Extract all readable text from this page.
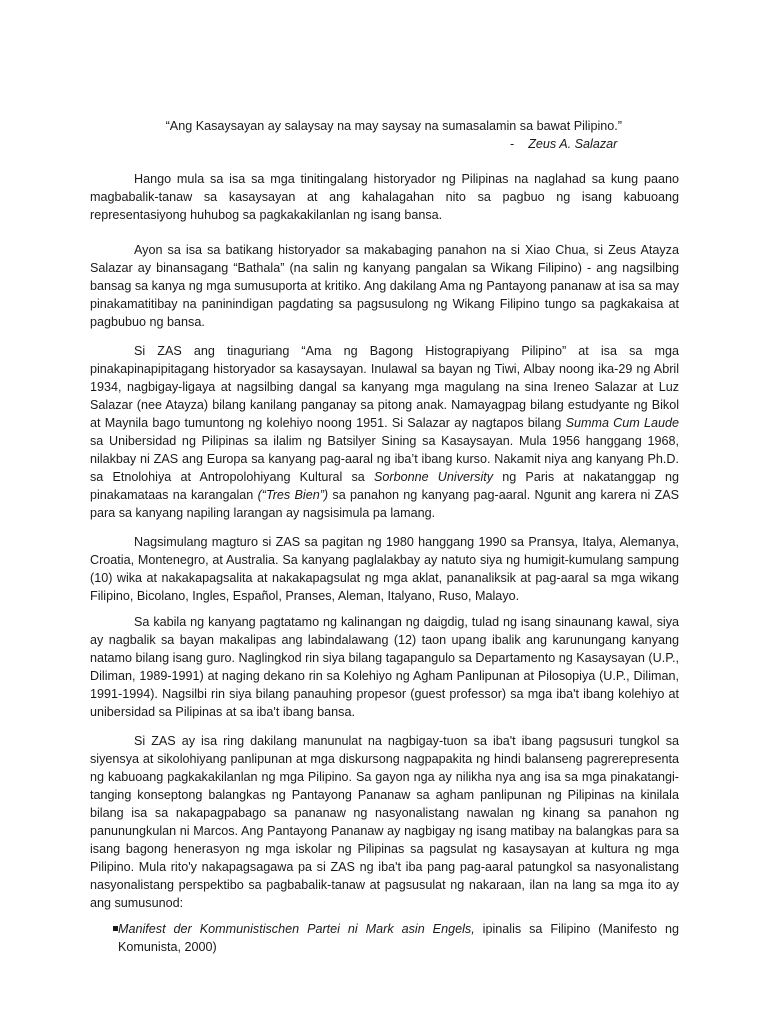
“Ang Kasaysayan ay salaysay na may saysay na sumasalamin sa bawat Pilipino.”

- Zeus A. Salazar

Hango mula sa isa sa mga tinitingalang historyador ng Pilipinas na naglahad sa kung paano magbabalik-tanaw sa kasaysayan at ang kahalagahan nito sa pagbuo ng isang kabuoang representasiyong huhubog sa pagkakakilanlan ng isang bansa.

Ayon sa isa sa batikang historyador sa makabaging panahon na si Xiao Chua, si Zeus Atayza Salazar ay binansagang “Bathala” (na salin ng kanyang pangalan sa Wikang Filipino) - ang nagsilbing bansag sa kanya ng mga sumusuporta at kritiko. Ang dakilang Ama ng Pantayong pananaw at isa sa may pinakamatitibay na paninindigan pagdating sa pagsusulong ng Wikang Filipino tungo sa pagkakaisa at pagbubuo ng bansa.

Si ZAS ang tinaguriang “Ama ng Bagong Histograpiyang Pilipino” at isa sa mga pinakapinapipitagang historyador sa kasaysayan. Inulawal sa bayan ng Tiwi, Albay noong ika-29 ng Abril 1934, nagbigay-ligaya at nagsilbing dangal sa kanyang mga magulang na sina Ireneo Salazar at Luz Salazar (nee Atayza) bilang kanilang panganay sa pitong anak. Namayagpag bilang estudyante ng Bikol at Maynila bago tumuntong ng kolehiyo noong 1951. Si Salazar ay nagtapos bilang Summa Cum Laude sa Unibersidad ng Pilipinas sa ilalim ng Batsilyer Sining sa Kasaysayan. Mula 1956 hanggang 1968, nilakbay ni ZAS ang Europa sa kanyang pag-aaral ng iba’t ibang kurso. Nakamit niya ang kanyang Ph.D. sa Etnolohiya at Antropolohiyang Kultural sa Sorbonne University ng Paris at nakatanggap ng pinakamataas na karangalan (“Tres Bien”) sa panahon ng kanyang pag-aaral. Ngunit ang karera ni ZAS para sa kanyang napiling larangan ay nagsisimula pa lamang.

Nagsimulang magturo si ZAS sa pagitan ng 1980 hanggang 1990 sa Pransya, Italya, Alemanya, Croatia, Montenegro, at Australia. Sa kanyang paglalakbay ay natuto siya ng humigit-kumulang sampung (10) wika at nakakapagsalita at nakakapagsulat ng mga aklat, pananaliksik at pag-aaral sa mga wikang Filipino, Bicolano, Ingles, Español, Pranses, Aleman, Italyano, Ruso, Malayo.

Sa kabila ng kanyang pagtatamo ng kalinangan ng daigdig, tulad ng isang sinaunang kawal, siya ay nagbalik sa bayan makalipas ang labindalawang (12) taon upang ibalik ang karunungang kanyang natamo bilang isang guro. Naglingkod rin siya bilang tagapangulo sa Departamento ng Kasaysayan (U.P., Diliman, 1989-1991) at naging dekano rin sa Kolehiyo ng Agham Panlipunan at Pilosopiya (U.P., Diliman, 1991-1994). Nagsilbi rin siya bilang panauhing propesor (guest professor) sa mga iba't ibang kolehiyo at unibersidad sa Pilipinas at sa iba't ibang bansa.

Si ZAS ay isa ring dakilang manunulat na nagbigay-tuon sa iba't ibang pagsusuri tungkol sa siyensya at sikolohiyang panlipunan at mga diskursong nagpapakita ng hindi balanseng pagrerepresenta ng kabuoang pagkakakilanlan ng mga Pilipino. Sa gayon nga ay nilikha nya ang isa sa mga pinakatangi-tanging konseptong balangkas ng Pantayong Pananaw sa agham panlipunan ng Pilipinas na kinilala bilang isa sa nakapagpabago sa pananaw ng nasyonalistang nawalan ng kinang sa panahon ng panunungkulan ni Marcos. Ang Pantayong Pananaw ay nagbigay ng isang matibay na balangkas para sa isang bagong henerasyon ng mga iskolar ng Pilipinas sa pagsulat ng kasaysayan at kultura ng mga Pilipino. Mula rito'y nakapagsagawa pa si ZAS ng iba't iba pang pag-aaral patungkol sa nasyonalistang nasyonalistang perspektibo sa pagbabalik-tanaw at pagsusulat ng nakaraan, ilan na lang sa mga ito ay ang sumusunod:

Manifest der Kommunistischen Partei ni Mark asin Engels, ipinalis sa Filipino (Manifesto ng Komunista, 2000)
